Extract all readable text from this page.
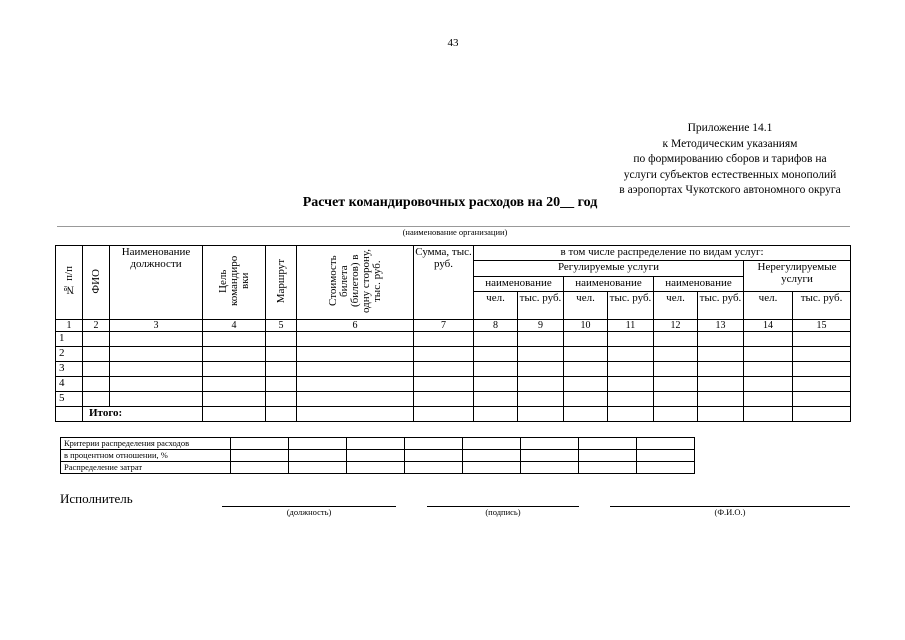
43
Приложение 14.1
к Методическим указаниям
по формированию сборов и тарифов на
услуги субъектов естественных монополий
в аэропортах Чукотского автономного округа
Расчет командировочных расходов на 20__ год
(наименование организации)
№ п/п	ФИО	Наименование должности	Цель командиро вки	Маршрут	Стоимость билета (билетов) в одну сторону, тыс. руб.	Сумма, тыс. руб.	в том числе распределение по видам услуг:							
							Регулируемые услуги						Нерегулируемые услуги	
							наименование		наименование		наименование			
							чел.	тыс. руб.	чел.	тыс. руб.	чел.	тыс. руб.	чел.	тыс. руб.
1	2	3	4	5	6	7	8	9	10	11	12	13	14	15
1														
2														
3														
4														
5														
	Итого:													
Критерии распределения расходов								
в процентном отношении, %								
Распределение затрат								
Исполнитель
(должность)	(подпись)	(Ф.И.О.)
